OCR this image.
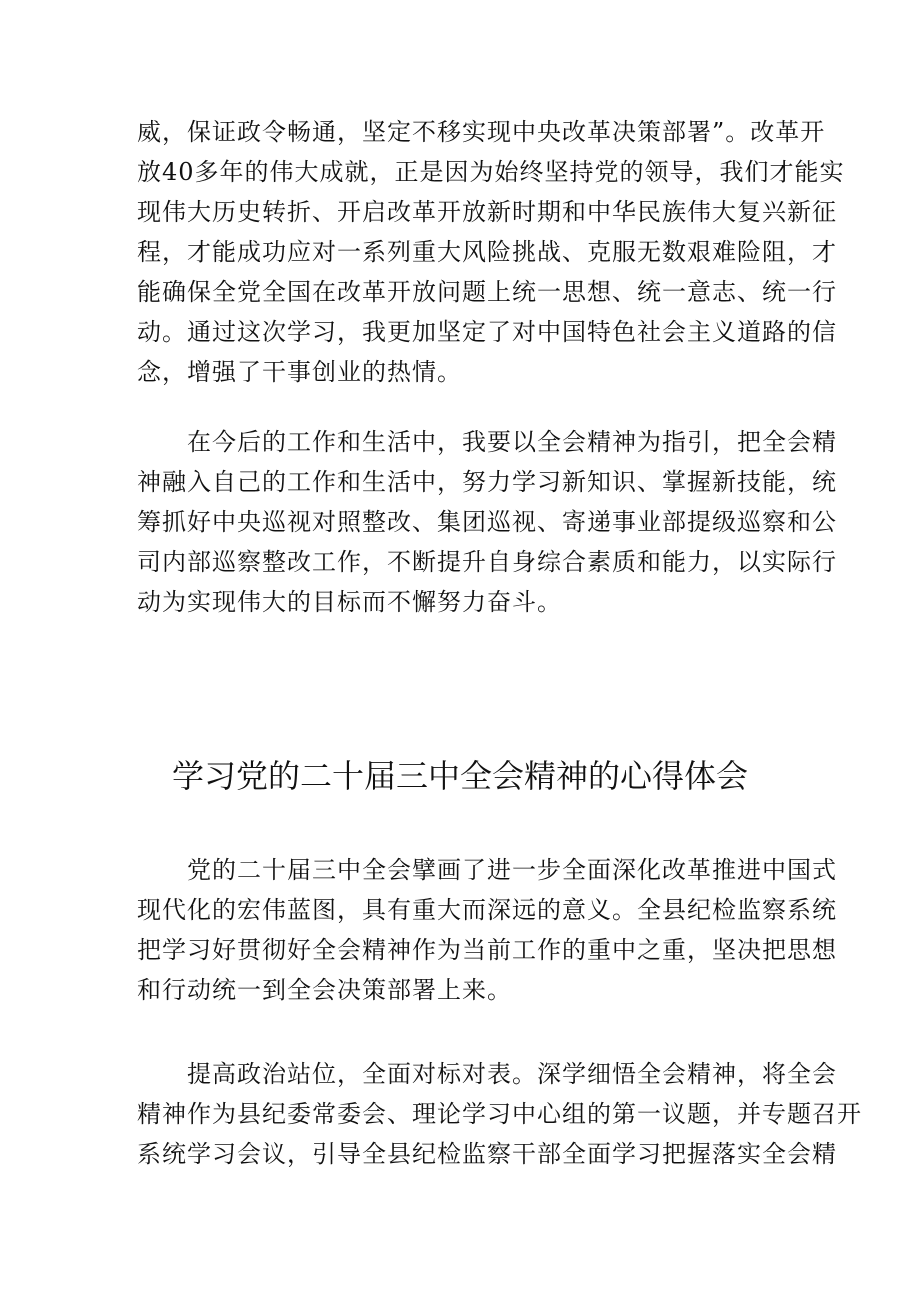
威，保证政令畅通，坚定不移实现中央改革决策部署”。改革开
放40多年的伟大成就，正是因为始终坚持党的领导，我们才能实
现伟大历史转折、开启改革开放新时期和中华民族伟大复兴新征
程，才能成功应对一系列重大风险挑战、克服无数艰难险阻，才
能确保全党全国在改革开放问题上统一思想、统一意志、统一行
动。通过这次学习，我更加坚定了对中国特色社会主义道路的信
念，增强了干事创业的热情。
在今后的工作和生活中，我要以全会精神为指引，把全会精
神融入自己的工作和生活中，努力学习新知识、掌握新技能，统
筹抓好中央巡视对照整改、集团巡视、寄递事业部提级巡察和公
司内部巡察整改工作，不断提升自身综合素质和能力，以实际行
动为实现伟大的目标而不懈努力奋斗。
学习党的二十届三中全会精神的心得体会
党的二十届三中全会擘画了进一步全面深化改革推进中国式
现代化的宏伟蓝图，具有重大而深远的意义。全县纪检监察系统
把学习好贯彻好全会精神作为当前工作的重中之重，坚决把思想
和行动统一到全会决策部署上来。
提高政治站位，全面对标对表。深学细悟全会精神，将全会
精神作为县纪委常委会、理论学习中心组的第一议题，并专题召开
系统学习会议，引导全县纪检监察干部全面学习把握落实全会精
